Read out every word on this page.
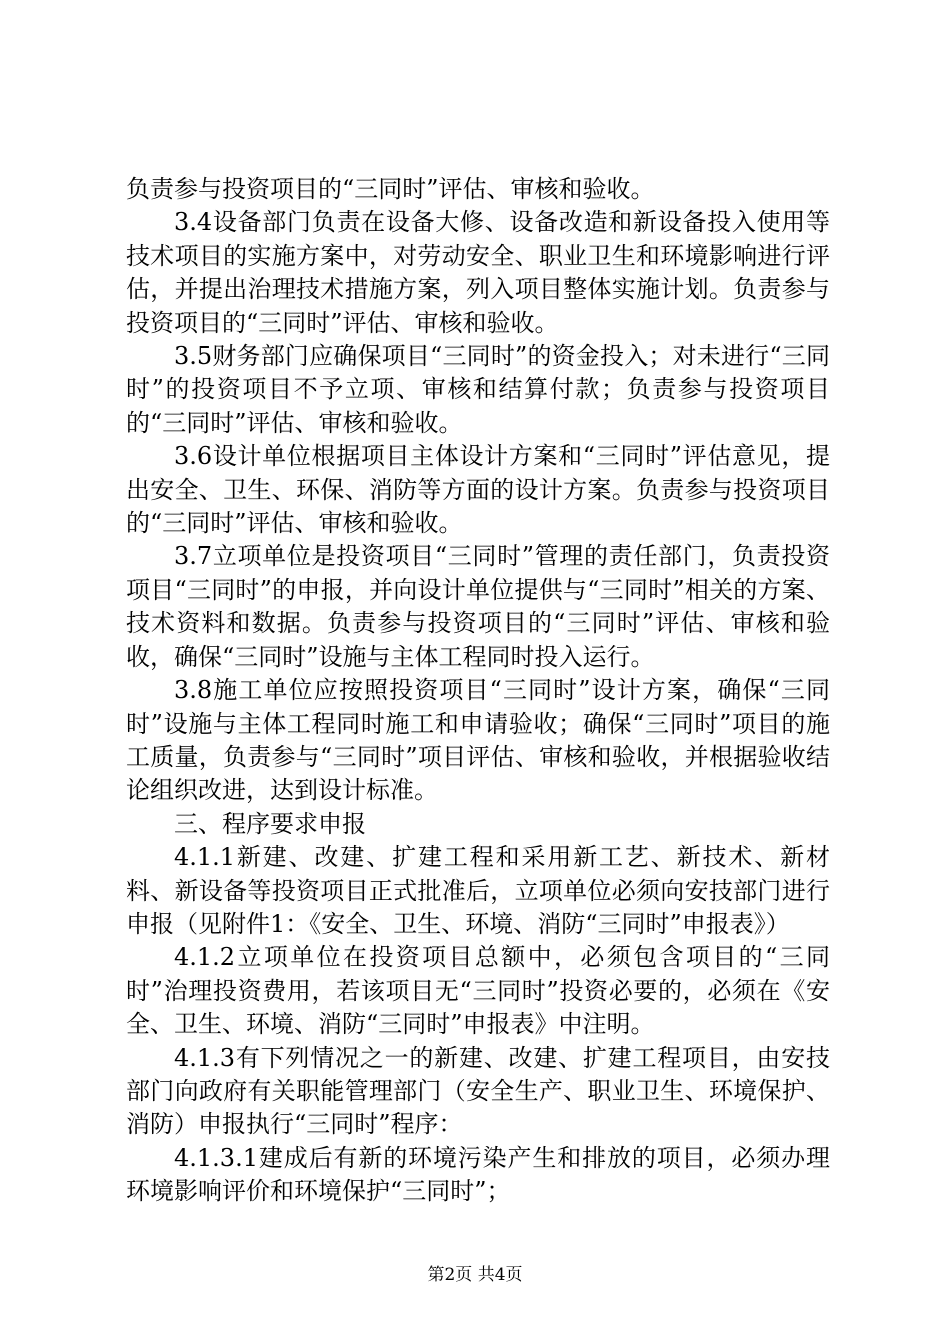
负责参与投资项目的“三同时”评估、审核和验收。

3.4设备部门负责在设备大修、设备改造和新设备投入使用等技术项目的实施方案中，对劳动安全、职业卫生和环境影响进行评估，并提出治理技术措施方案，列入项目整体实施计划。负责参与投资项目的“三同时”评估、审核和验收。

3.5财务部门应确保项目“三同时”的资金投入；对未进行“三同时”的投资项目不予立项、审核和结算付款；负责参与投资项目的“三同时”评估、审核和验收。

3.6设计单位根据项目主体设计方案和“三同时”评估意见，提出安全、卫生、环保、消防等方面的设计方案。负责参与投资项目的“三同时”评估、审核和验收。

3.7立项单位是投资项目“三同时”管理的责任部门，负责投资项目“三同时”的申报，并向设计单位提供与“三同时”相关的方案、技术资料和数据。负责参与投资项目的“三同时”评估、审核和验收，确保“三同时”设施与主体工程同时投入运行。

3.8施工单位应按照投资项目“三同时”设计方案，确保“三同时”设施与主体工程同时施工和申请验收；确保“三同时”项目的施工质量，负责参与“三同时”项目评估、审核和验收，并根据验收结论组织改进，达到设计标准。

三、程序要求申报

4.1.1新建、改建、扩建工程和采用新工艺、新技术、新材料、新设备等投资项目正式批准后，立项单位必须向安技部门进行申报（见附件1：《安全、卫生、环境、消防“三同时”申报表》）

4.1.2立项单位在投资项目总额中，必须包含项目的“三同时”治理投资费用，若该项目无“三同时”投资必要的，必须在《安全、卫生、环境、消防“三同时”申报表》中注明。

4.1.3有下列情况之一的新建、改建、扩建工程项目，由安技部门向政府有关职能管理部门（安全生产、职业卫生、环境保护、消防）申报执行“三同时”程序：

4.1.3.1建成后有新的环境污染产生和排放的项目，必须办理环境影响评价和环境保护“三同时”；

第2页 共4页
